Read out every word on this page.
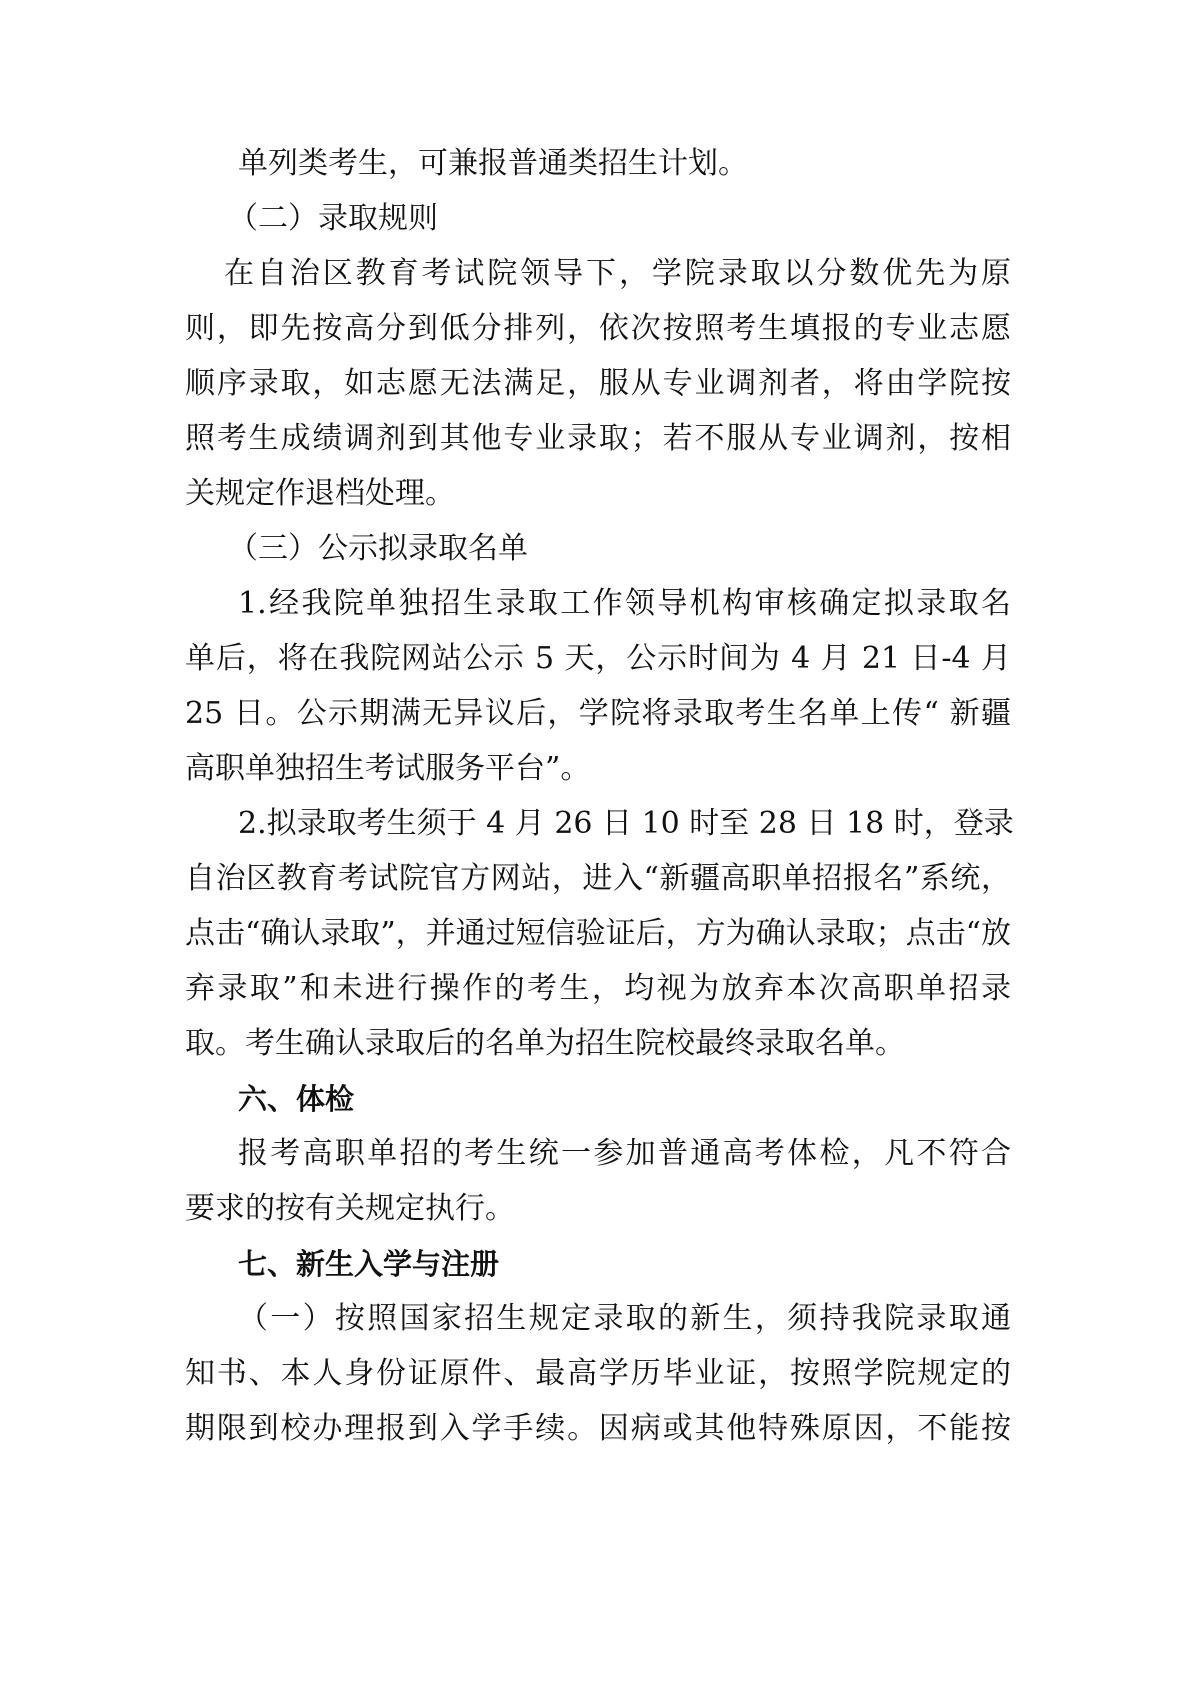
单列类考生，可兼报普通类招生计划。

（二）录取规则

在自治区教育考试院领导下，学院录取以分数优先为原

则，即先按高分到低分排列，依次按照考生填报的专业志愿

顺序录取，如志愿无法满足，服从专业调剂者，将由学院按

照考生成绩调剂到其他专业录取；若不服从专业调剂，按相

关规定作退档处理。

（三）公示拟录取名单

1.经我院单独招生录取工作领导机构审核确定拟录取名

单后，将在我院网站公示 5 天，公示时间为 4 月 21 日-4 月

25 日。公示期满无异议后，学院将录取考生名单上传“ 新疆

高职单独招生考试服务平台”。

2.拟录取考生须于 4 月 26 日 10 时至 28 日 18 时，登录

自治区教育考试院官方网站，进入“新疆高职单招报名”系统，

点击“确认录取”，并通过短信验证后，方为确认录取；点击“放

弃录取”和未进行操作的考生，均视为放弃本次高职单招录

取。考生确认录取后的名单为招生院校最终录取名单。

六、体检

报考高职单招的考生统一参加普通高考体检，凡不符合

要求的按有关规定执行。

七、新生入学与注册

（一）按照国家招生规定录取的新生，须持我院录取通

知书、本人身份证原件、最高学历毕业证，按照学院规定的

期限到校办理报到入学手续。因病或其他特殊原因，不能按
